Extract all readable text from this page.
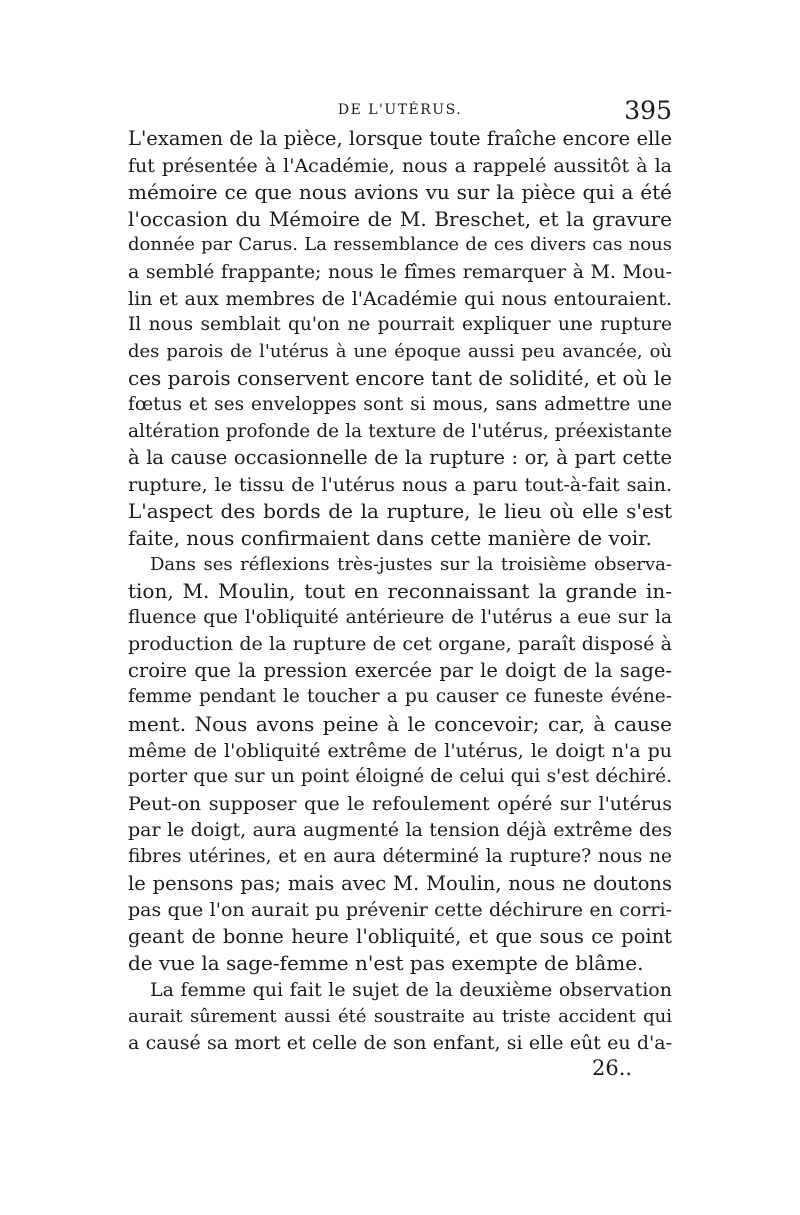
DE L'UTÉRUS.	395
L'examen de la pièce, lorsque toute fraîche encore elle
fut présentée à l'Académie, nous a rappelé aussitôt à la
mémoire ce que nous avions vu sur la pièce qui a été
l'occasion du Mémoire de M. Breschet, et la gravure
donnée par Carus. La ressemblance de ces divers cas nous
a semblé frappante; nous le fîmes remarquer à M. Mou-
lin et aux membres de l'Académie qui nous entouraient.
Il nous semblait qu'on ne pourrait expliquer une rupture
des parois de l'utérus à une époque aussi peu avancée, où
ces parois conservent encore tant de solidité, et où le
fœtus et ses enveloppes sont si mous, sans admettre une
altération profonde de la texture de l'utérus, préexistante
à la cause occasionnelle de la rupture : or, à part cette
rupture, le tissu de l'utérus nous a paru tout-à-fait sain.
L'aspect des bords de la rupture, le lieu où elle s'est
faite, nous confirmaient dans cette manière de voir.
Dans ses réflexions très-justes sur la troisième observa-
tion, M. Moulin, tout en reconnaissant la grande in-
fluence que l'obliquité antérieure de l'utérus a eue sur la
production de la rupture de cet organe, paraît disposé à
croire que la pression exercée par le doigt de la sage-
femme pendant le toucher a pu causer ce funeste événe-
ment. Nous avons peine à le concevoir; car, à cause
même de l'obliquité extrême de l'utérus, le doigt n'a pu
porter que sur un point éloigné de celui qui s'est déchiré.
Peut-on supposer que le refoulement opéré sur l'utérus
par le doigt, aura augmenté la tension déjà extrême des
fibres utérines, et en aura déterminé la rupture? nous ne
le pensons pas; mais avec M. Moulin, nous ne doutons
pas que l'on aurait pu prévenir cette déchirure en corri-
geant de bonne heure l'obliquité, et que sous ce point
de vue la sage-femme n'est pas exempte de blâme.
La femme qui fait le sujet de la deuxième observation
aurait sûrement aussi été soustraite au triste accident qui
a causé sa mort et celle de son enfant, si elle eût eu d'a-
26..
